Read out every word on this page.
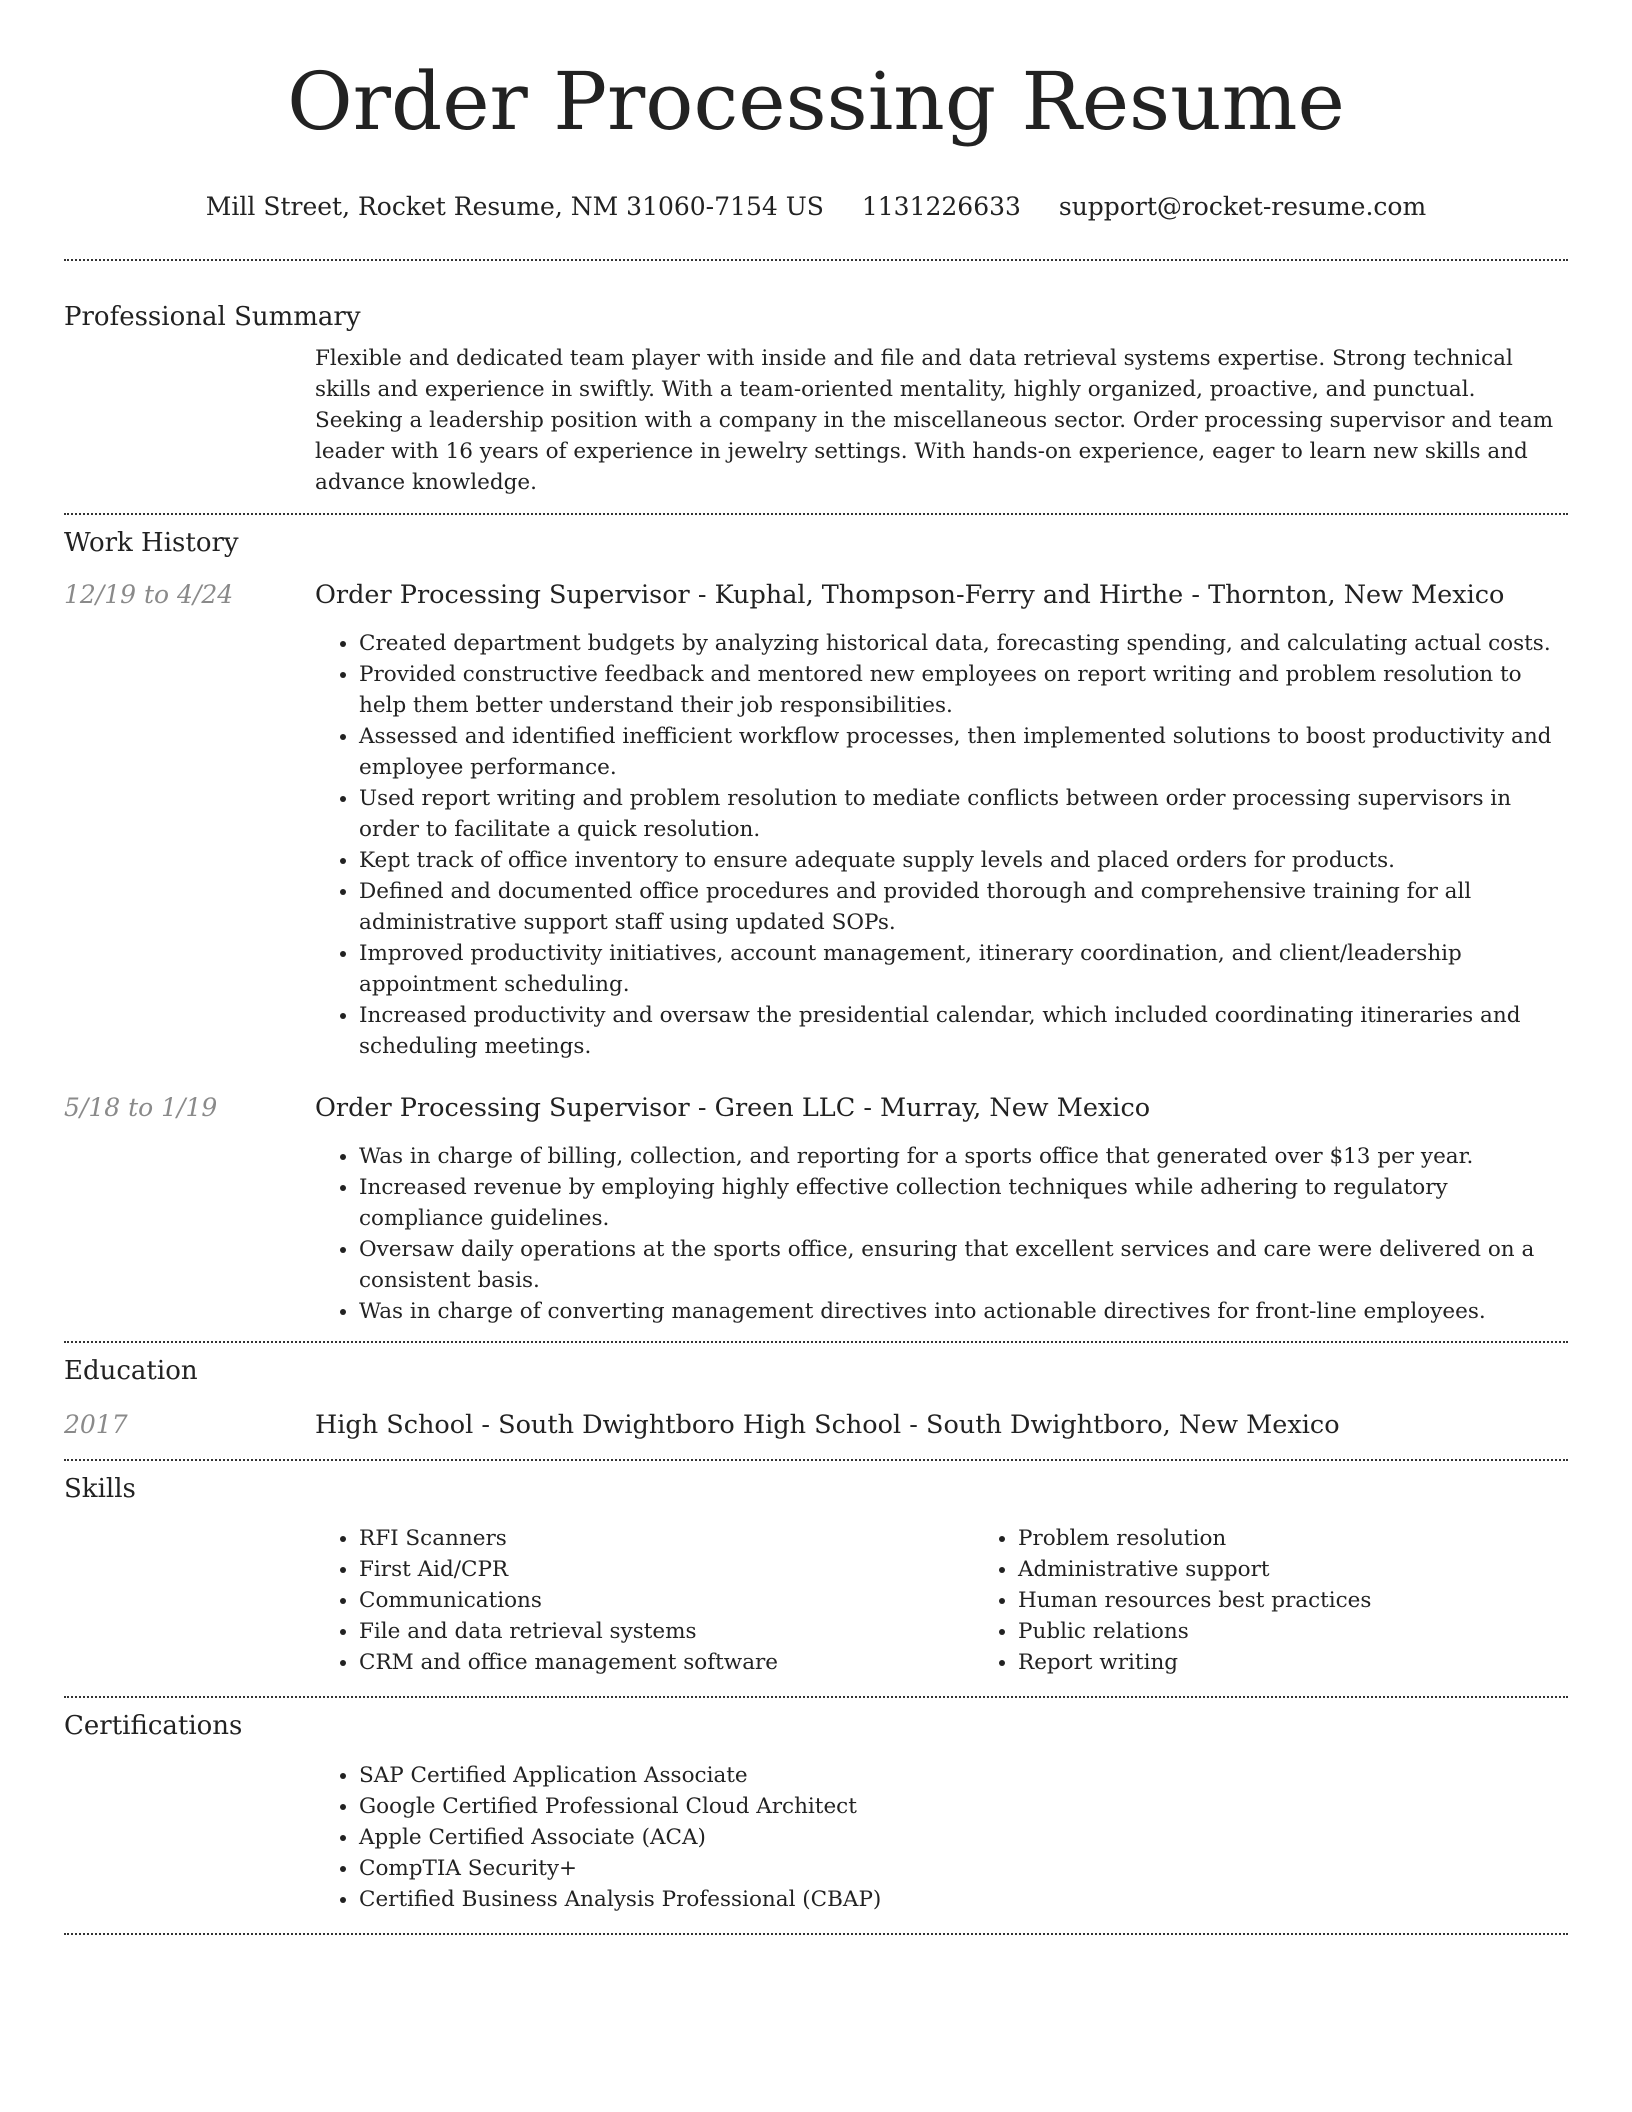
Order Processing Resume
Mill Street, Rocket Resume, NM 31060-7154 US 1131226633 support@rocket-resume.com
Professional Summary

Flexible and dedicated team player with inside and file and data retrieval systems expertise. Strong technical skills and experience in swiftly. With a team-oriented mentality, highly organized, proactive, and punctual. Seeking a leadership position with a company in the miscellaneous sector. Order processing supervisor and team leader with 16 years of experience in jewelry settings. With hands-on experience, eager to learn new skills and advance knowledge.

Work History
12/19 to 4/24	Order Processing Supervisor - Kuphal, Thompson-Ferry and Hirthe - Thornton, New Mexico

• Created department budgets by analyzing historical data, forecasting spending, and calculating actual costs.
• Provided constructive feedback and mentored new employees on report writing and problem resolution to help them better understand their job responsibilities.
• Assessed and identified inefficient workflow processes, then implemented solutions to boost productivity and employee performance.
• Used report writing and problem resolution to mediate conflicts between order processing supervisors in order to facilitate a quick resolution.
• Kept track of office inventory to ensure adequate supply levels and placed orders for products.
• Defined and documented office procedures and provided thorough and comprehensive training for all administrative support staff using updated SOPs.
• Improved productivity initiatives, account management, itinerary coordination, and client/leadership appointment scheduling.
• Increased productivity and oversaw the presidential calendar, which included coordinating itineraries and scheduling meetings.
5/18 to 1/19	Order Processing Supervisor - Green LLC - Murray, New Mexico

• Was in charge of billing, collection, and reporting for a sports office that generated over $13 per year.
• Increased revenue by employing highly effective collection techniques while adhering to regulatory compliance guidelines.
• Oversaw daily operations at the sports office, ensuring that excellent services and care were delivered on a consistent basis.
• Was in charge of converting management directives into actionable directives for front-line employees.
Education
2017	High School - South Dwightboro High School - South Dwightboro, New Mexico

Skills
• RFI Scanners
• First Aid/CPR
• Communications
• File and data retrieval systems
• CRM and office management software
• Problem resolution
• Administrative support
• Human resources best practices
• Public relations
• Report writing
Certifications
• SAP Certified Application Associate
• Google Certified Professional Cloud Architect
• Apple Certified Associate (ACA)
• CompTIA Security+
• Certified Business Analysis Professional (CBAP)
